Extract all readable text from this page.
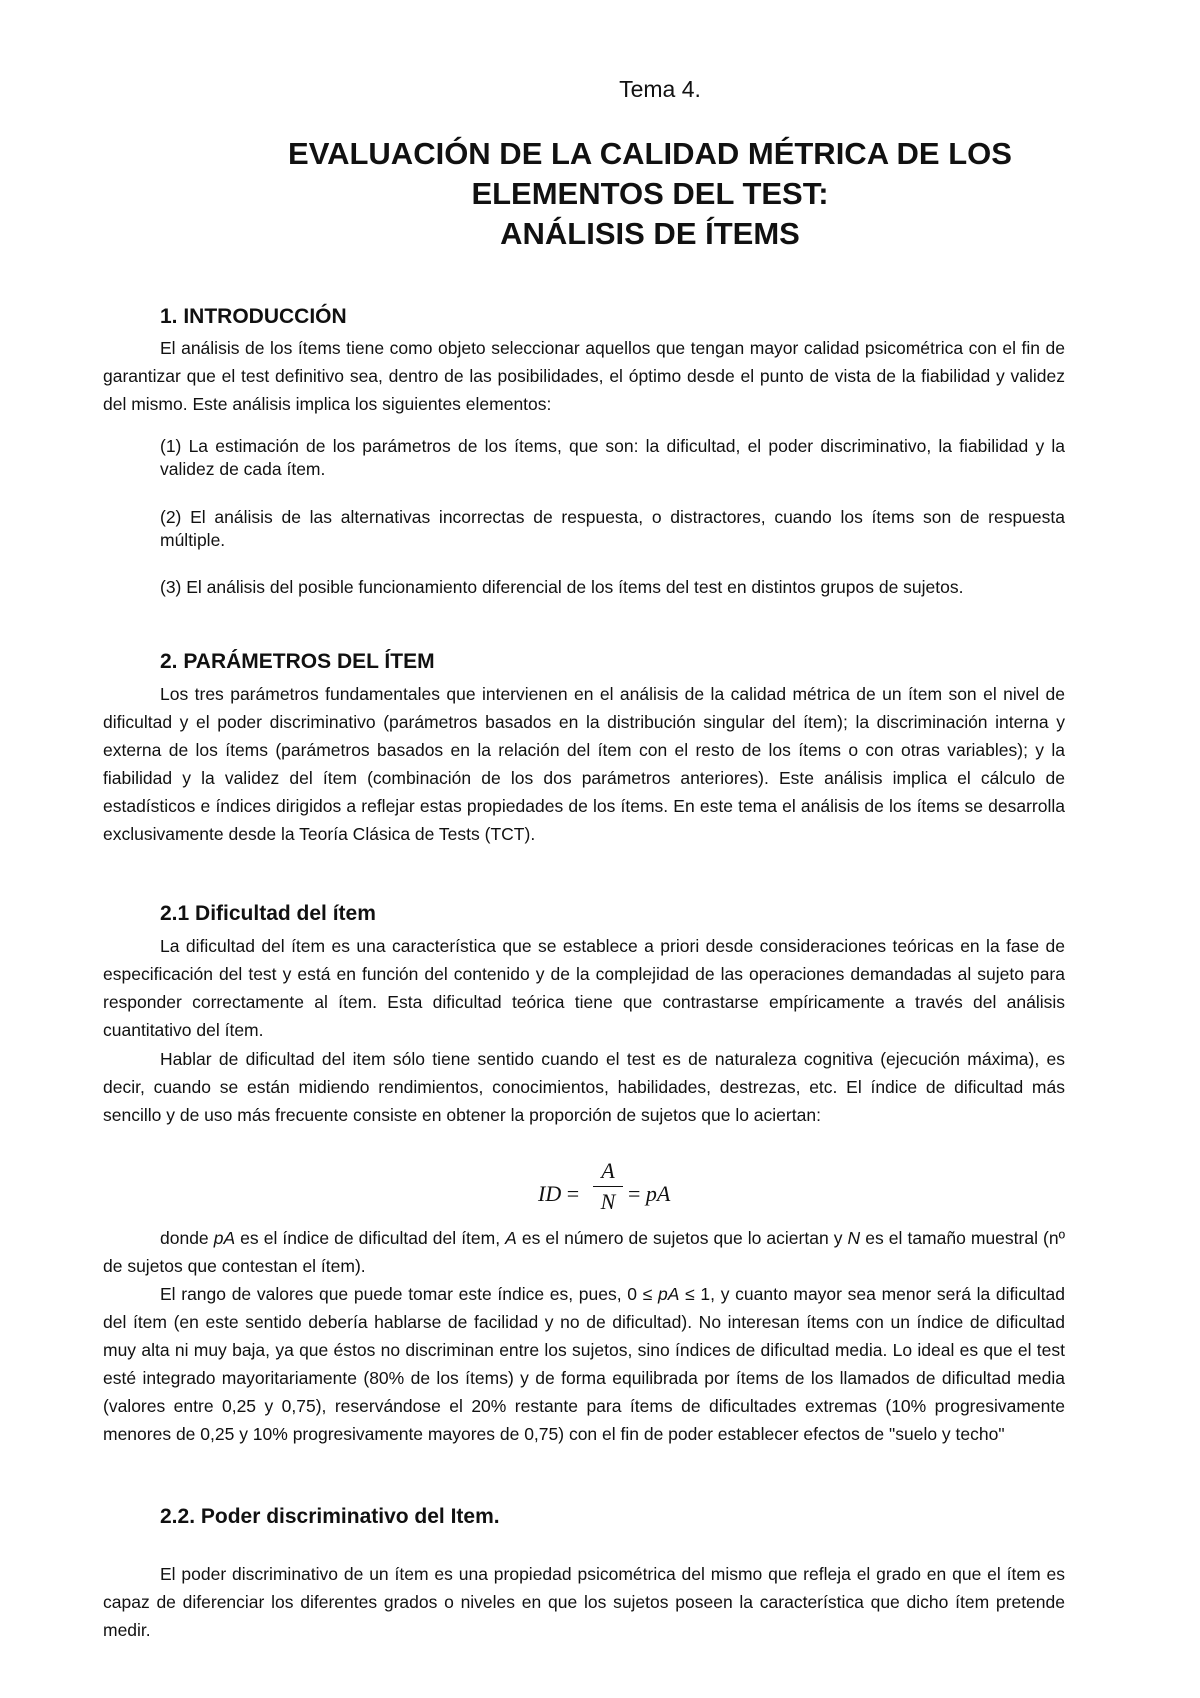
Tema 4.
EVALUACIÓN DE LA CALIDAD MÉTRICA DE LOS
ELEMENTOS DEL TEST:
ANÁLISIS DE ÍTEMS
1. INTRODUCCIÓN
El análisis de los ítems tiene como objeto seleccionar aquellos que tengan mayor calidad psicométrica con el fin de garantizar que el test definitivo sea, dentro de las posibilidades, el óptimo desde el punto de vista de la fiabilidad y validez del mismo. Este análisis implica los siguientes elementos:
(1) La estimación de los parámetros de los ítems, que son: la dificultad, el poder discriminativo, la fiabilidad y la validez de cada ítem.
(2) El análisis de las alternativas incorrectas de respuesta, o distractores, cuando los ítems son de respuesta múltiple.
(3) El análisis del posible funcionamiento diferencial de los ítems del test en distintos grupos de sujetos.
2. PARÁMETROS DEL ÍTEM
Los tres parámetros fundamentales que intervienen en el análisis de la calidad métrica de un ítem son el nivel de dificultad y el poder discriminativo (parámetros basados en la distribución singular del ítem); la discriminación interna y externa de los ítems (parámetros basados en la relación del ítem con el resto de los ítems o con otras variables); y la fiabilidad y la validez del ítem (combinación de los dos parámetros anteriores). Este análisis implica el cálculo de estadísticos e índices dirigidos a reflejar estas propiedades de los ítems. En este tema el análisis de los ítems se desarrolla exclusivamente desde la Teoría Clásica de Tests (TCT).
2.1 Dificultad del ítem
La dificultad del ítem es una característica que se establece a priori desde consideraciones teóricas en la fase de especificación del test y está en función del contenido y de la complejidad de las operaciones demandadas al sujeto para responder correctamente al ítem. Esta dificultad teórica tiene que contrastarse empíricamente a través del análisis cuantitativo del ítem.
Hablar de dificultad del item sólo tiene sentido cuando el test es de naturaleza cognitiva (ejecución máxima), es decir, cuando se están midiendo rendimientos, conocimientos, habilidades, destrezas, etc. El índice de dificultad más sencillo y de uso más frecuente consiste en obtener la proporción de sujetos que lo aciertan:
ID =
A
N = pA
donde pA es el índice de dificultad del ítem, A es el número de sujetos que lo aciertan y N es el tamaño muestral (nº de sujetos que contestan el ítem).
El rango de valores que puede tomar este índice es, pues, 0 ≤ pA ≤ 1, y cuanto mayor sea menor será la dificultad del ítem (en este sentido debería hablarse de facilidad y no de dificultad). No interesan ítems con un índice de dificultad muy alta ni muy baja, ya que éstos no discriminan entre los sujetos, sino índices de dificultad media. Lo ideal es que el test esté integrado mayoritariamente (80% de los ítems) y de forma equilibrada por ítems de los llamados de dificultad media (valores entre 0,25 y 0,75), reservándose el 20% restante para ítems de dificultades extremas (10% progresivamente menores de 0,25 y 10% progresivamente mayores de 0,75) con el fin de poder establecer efectos de "suelo y techo"
2.2. Poder discriminativo del Item.
El poder discriminativo de un ítem es una propiedad psicométrica del mismo que refleja el grado en que el ítem es capaz de diferenciar los diferentes grados o niveles en que los sujetos poseen la característica que dicho ítem pretende medir.
